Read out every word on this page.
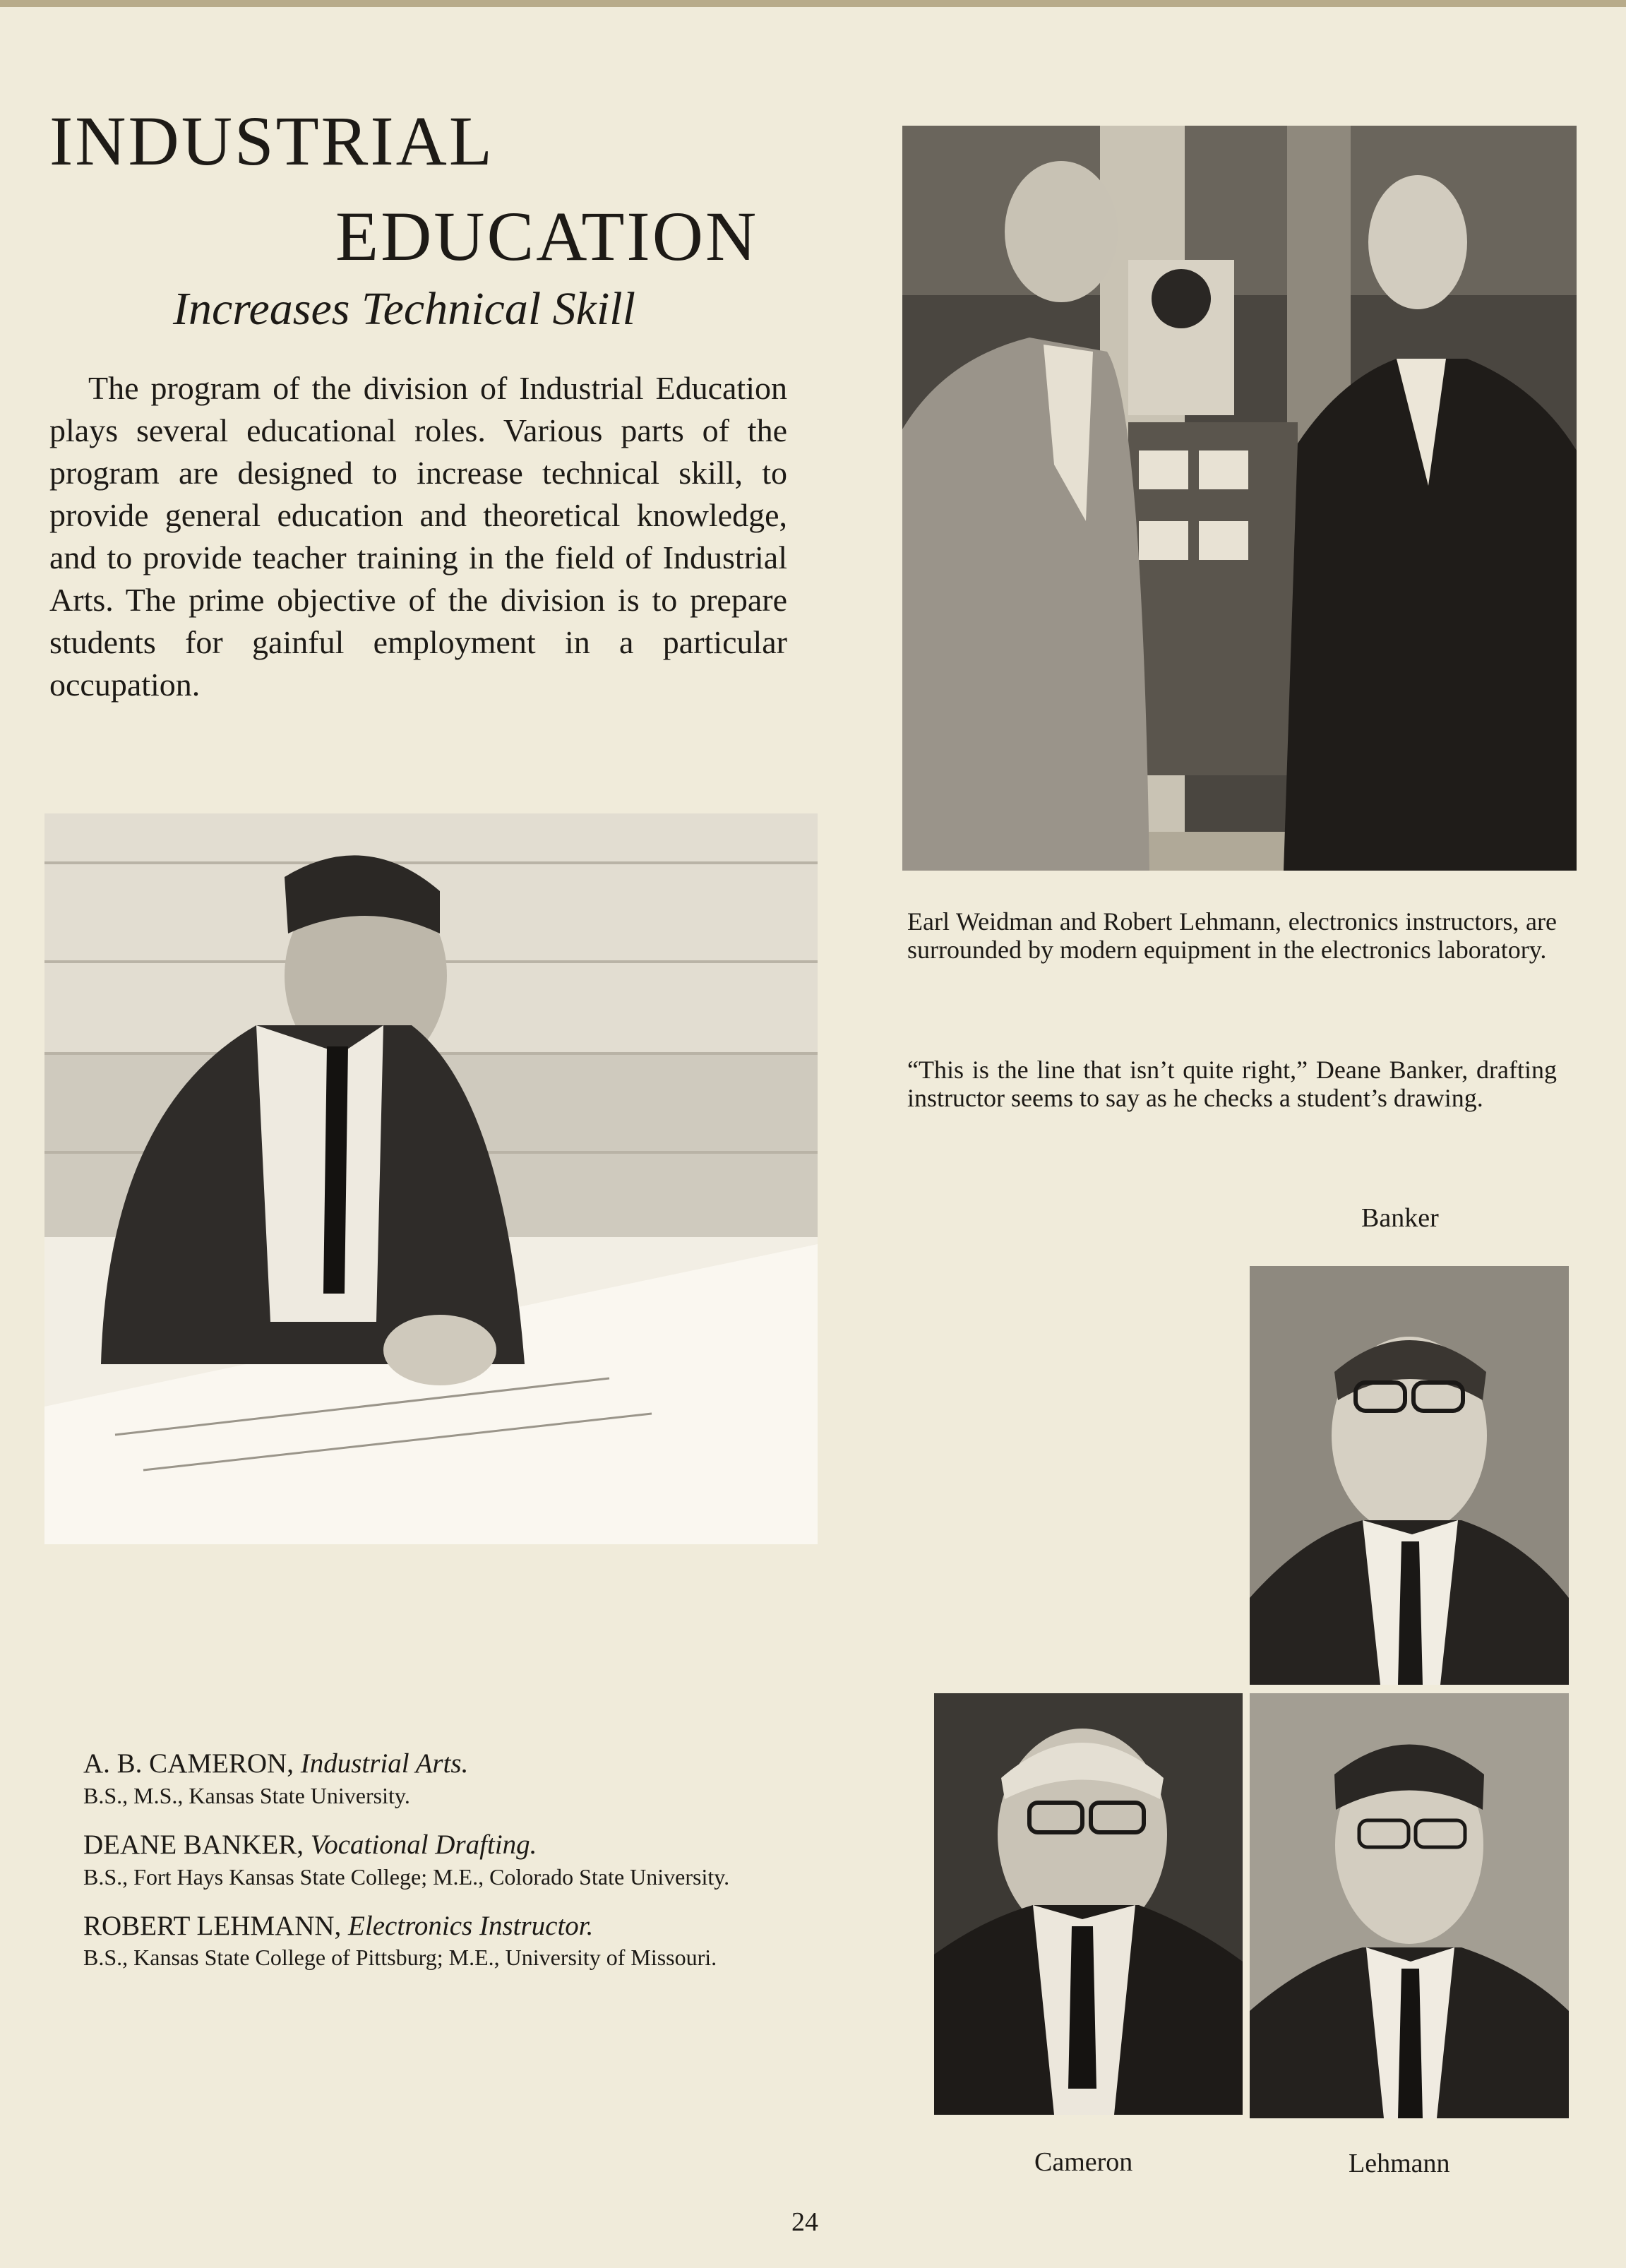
INDUSTRIAL
EDUCATION
Increases Technical Skill
The program of the division of Industrial Education plays several educational roles. Various parts of the program are designed to increase technical skill, to provide general education and theoretical knowledge, and to provide teacher training in the field of Industrial Arts. The prime objective of the division is to prepare students for gainful employment in a particular occupation.
Earl Weidman and Robert Lehmann, electronics instructors, are surrounded by modern equipment in the electronics laboratory.
“This is the line that isn’t quite right,” Deane Banker, drafting instructor seems to say as he checks a student’s drawing.
Banker
Cameron	Lehmann
A. B. CAMERON, Industrial Arts.
B.S., M.S., Kansas State University.
DEANE BANKER, Vocational Drafting.
B.S., Fort Hays Kansas State College; M.E., Colorado State University.
ROBERT LEHMANN, Electronics Instructor.
B.S., Kansas State College of Pittsburg; M.E., University of Missouri.
24
